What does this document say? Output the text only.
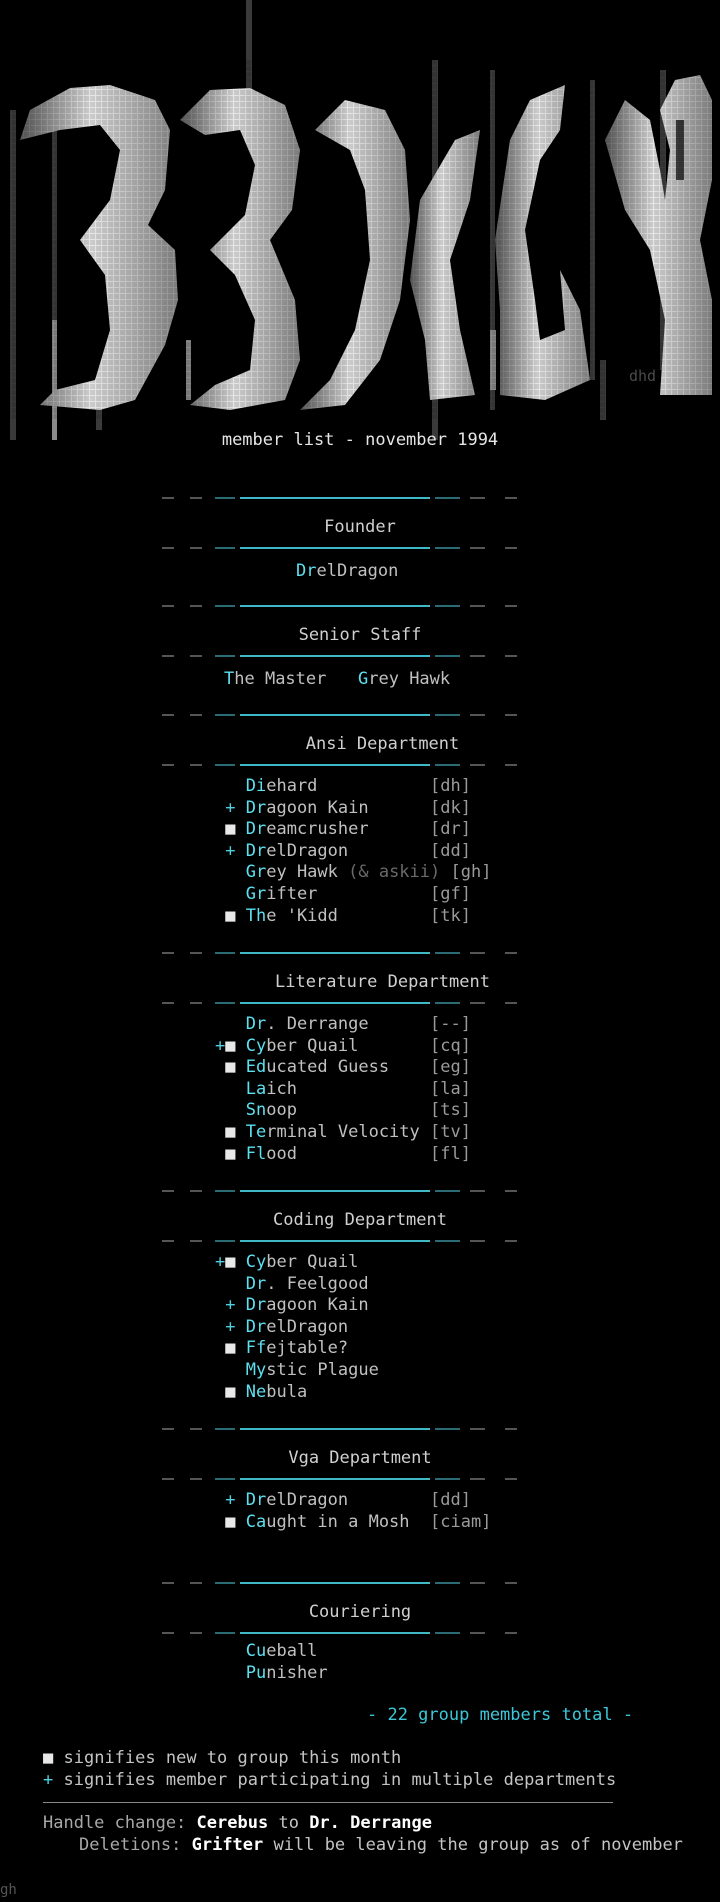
dhd
member list - november 1994
Founder
DrelDragon
Senior Staff
The Master Grey Hawk
Ansi Department
Diehard           [dh]
+ Dragoon Kain      [dk]
■ Dreamcrusher      [dr]
+ DrelDragon        [dd]
Grey Hawk (& askii) [gh]
Grifter           [gf]
■ The 'Kidd         [tk]
Literature Department
Dr. Derrange      [--]
+■ Cyber Quail       [cq]
■ Educated Guess    [eg]
Laich             [la]
Snoop             [ts]
■ Terminal Velocity [tv]
■ Flood             [fl]
Coding Department
+■ Cyber Quail
Dr. Feelgood
+ Dragoon Kain
+ DrelDragon
■ Ffejtable?
Mystic Plague
■ Nebula
Vga Department
+ DrelDragon        [dd]
■ Caught in a Mosh  [ciam]
Couriering
Cueball
Punisher
- 22 group members total -
■ signifies new to group this month
+ signifies member participating in multiple departments
Handle change: Cerebus to Dr. Derrange
Deletions: Grifter will be leaving the group as of november
gh
